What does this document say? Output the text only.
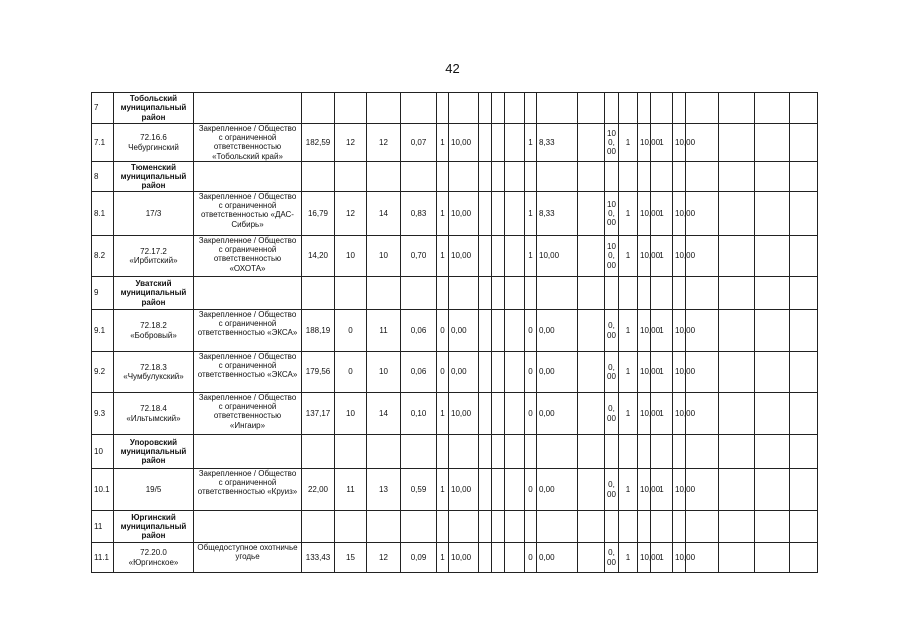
42
7	Тобольский муниципальный район																						
7.1	72.16.6 Чебургинский	Закрепленное / Общество с ограниченной ответственностью «Тобольский край»	182,59	12	12	0,07	1	10,00				1	8,33		100,00	1	10,00	1	10,00				
8	Тюменский муниципальный район																						
8.1	17/3	Закрепленное / Общество с ограниченной ответственностью «ДАС-Сибирь»	16,79	12	14	0,83	1	10,00				1	8,33		100,00	1	10,00	1	10,00				
8.2	72.17.2 «Ирбитский»	Закрепленное / Общество с ограниченной ответственностью «ОХОТА»	14,20	10	10	0,70	1	10,00				1	10,00		100,00	1	10,00	1	10,00				
9	Уватский муниципальный район																						
9.1	72.18.2 «Бобровый»	Закрепленное / Общество с ограниченной ответственностью «ЭКСА»	188,19	0	11	0,06	0	0,00				0	0,00		0,00	1	10,00	1	10,00				
9.2	72.18.3 «Чумбулукский»	Закрепленное / Общество с ограниченной ответственностью «ЭКСА»	179,56	0	10	0,06	0	0,00				0	0,00		0,00	1	10,00	1	10,00				
9.3	72.18.4 «Ильтымский»	Закрепленное / Общество с ограниченной ответственностью «Ингаир»	137,17	10	14	0,10	1	10,00				0	0,00		0,00	1	10,00	1	10,00				
10	Упоровский муниципальный район																						
10.1	19/5	Закрепленное / Общество с ограниченной ответственностью «Круиз»	22,00	11	13	0,59	1	10,00				0	0,00		0,00	1	10,00	1	10,00				
11	Юргинский муниципальный район																						
11.1	72.20.0 «Юргинское»	Общедоступное охотничье угодье	133,43	15	12	0,09	1	10,00				0	0,00		0,00	1	10,00	1	10,00				
